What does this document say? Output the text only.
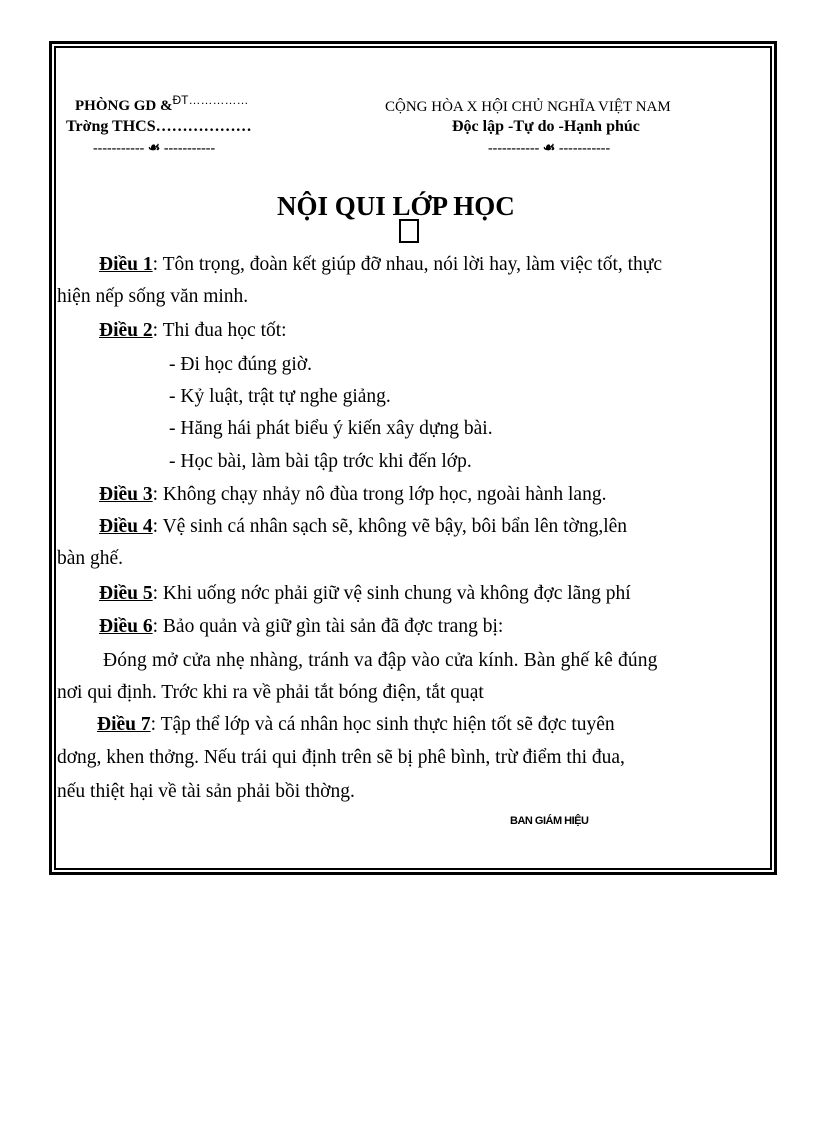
PHÒNG GD &$^{ĐT\dots\dots\dots\dots\dots}$
Trờng THCS………………
----------- ☙ -----------
CỘNG HÒA X HỘI CHỦ NGHĨA VIỆT NAM
Độc lập -Tự do -Hạnh phúc
----------- ☙ -----------
NỘI QUI LỚP HỌC
Điều 1: Tôn trọng, đoàn kết giúp đỡ nhau, nói lời hay, làm việc tốt, thực
hiện nếp sống văn minh.
Điều 2: Thi đua học tốt:
- Đi học đúng giờ.
- Kỷ luật, trật tự nghe giảng.
- Hăng hái phát biểu ý kiến xây dựng bài.
- Học bài, làm bài tập trớc khi đến lớp.
Điều 3: Không chạy nhảy nô đùa trong lớp học, ngoài hành lang.
Điều 4: Vệ sinh cá nhân sạch sẽ, không vẽ bậy, bôi bẩn lên tờng,lên
bàn ghế.
Điều 5: Khi uống nớc phải giữ vệ sinh chung và không đợc lãng phí
Điều 6: Bảo quản và giữ gìn tài sản đã đợc trang bị:
Đóng mở cửa nhẹ nhàng, tránh va đập vào cửa kính. Bàn ghế kê đúng
nơi qui định. Trớc khi ra về phải tắt bóng điện, tắt quạt
Điều 7: Tập thể lớp và cá nhân học sinh thực hiện tốt sẽ đợc tuyên
dơng, khen thởng. Nếu trái qui định trên sẽ bị phê bình, trừ điểm thi đua,
nếu thiệt hại về tài sản phải bồi thờng.
BAN GIÁM HIỆU
